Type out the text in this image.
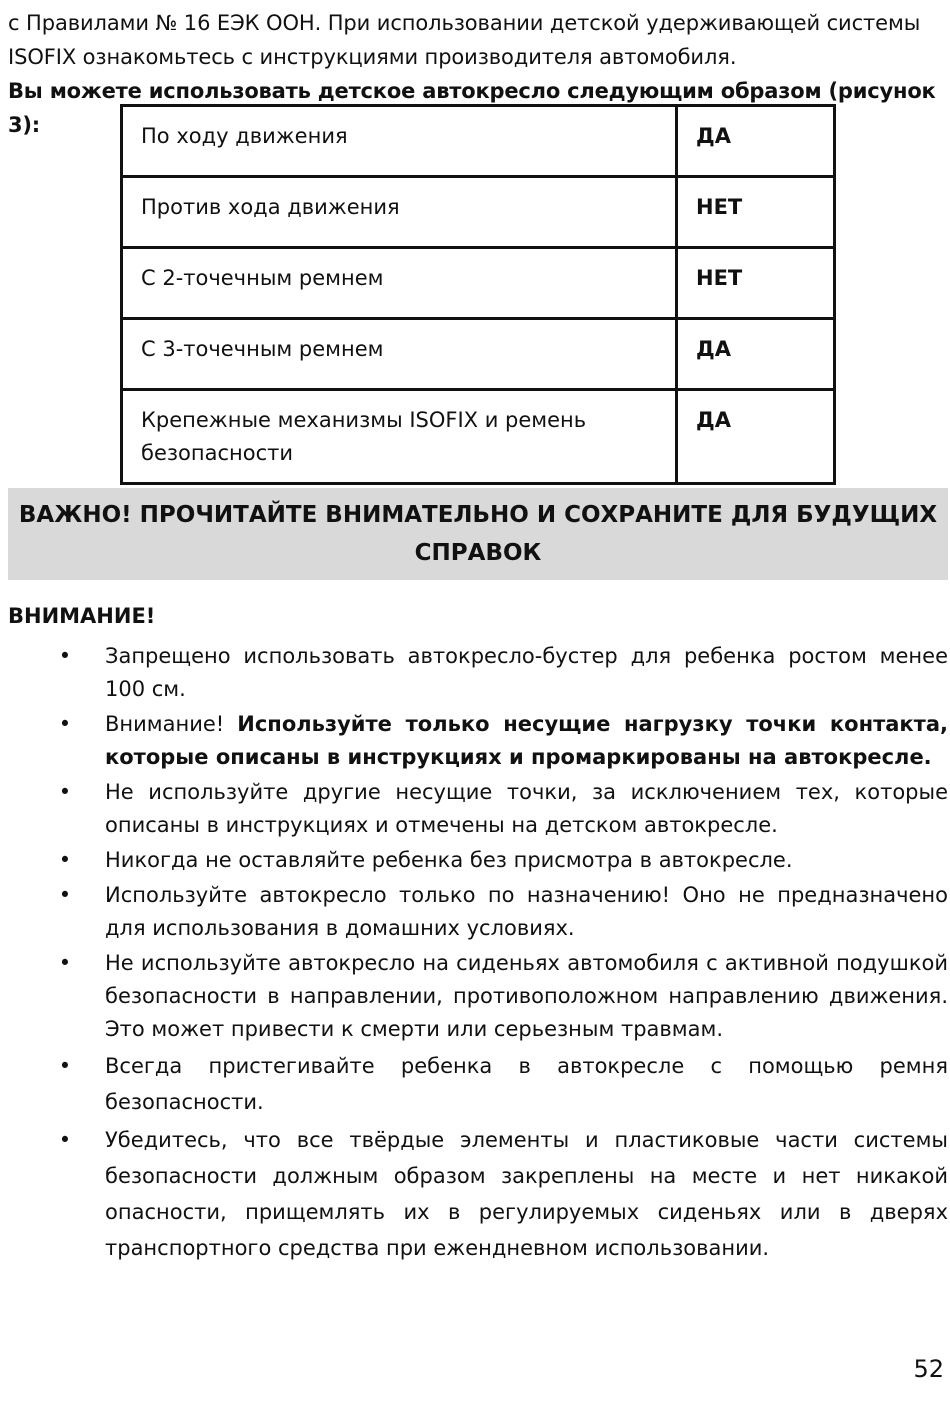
с Правилами № 16 ЕЭК ООН. При использовании детской удерживающей системы ISOFIX ознакомьтесь с инструкциями производителя автомобиля.
Вы можете использовать детское автокресло следующим образом (рисунок 3):	По ходу движения	ДА
Против хода движения	НЕТ
С 2-точечным ремнем	НЕТ
С 3-точечным ремнем	ДА
Крепежные механизмы ISOFIX и ремень безопасности	ДА
ВАЖНО! ПРОЧИТАЙТЕ ВНИМАТЕЛЬНО И СОХРАНИТЕ ДЛЯ БУДУЩИХ
СПРАВОК
ВНИМАНИЕ!
• Запрещено использовать автокресло-бустер для ребенка ростом менее 100 см.
• Внимание! Используйте только несущие нагрузку точки контакта, которые описаны в инструкциях и промаркированы на автокресле.
• Не используйте другие несущие точки, за исключением тех, которые описаны в инструкциях и отмечены на детском автокресле.
• Никогда не оставляйте ребенка без присмотра в автокресле.
• Используйте автокресло только по назначению! Оно не предназначено для использования в домашних условиях.
• Не используйте автокресло на сиденьях автомобиля с активной подушкой безопасности в направлении, противоположном направлению движения. Это может привести к смерти или серьезным травмам.
• Всегда пристегивайте ребенка в автокресле с помощью ремня безопасности.
• Убедитесь, что все твёрдые элементы и пластиковые части системы безопасности должным образом закреплены на месте и нет никакой опасности, прищемлять их в регулируемых сиденьях или в дверях транспортного средства при ежендневном использовании.
52
